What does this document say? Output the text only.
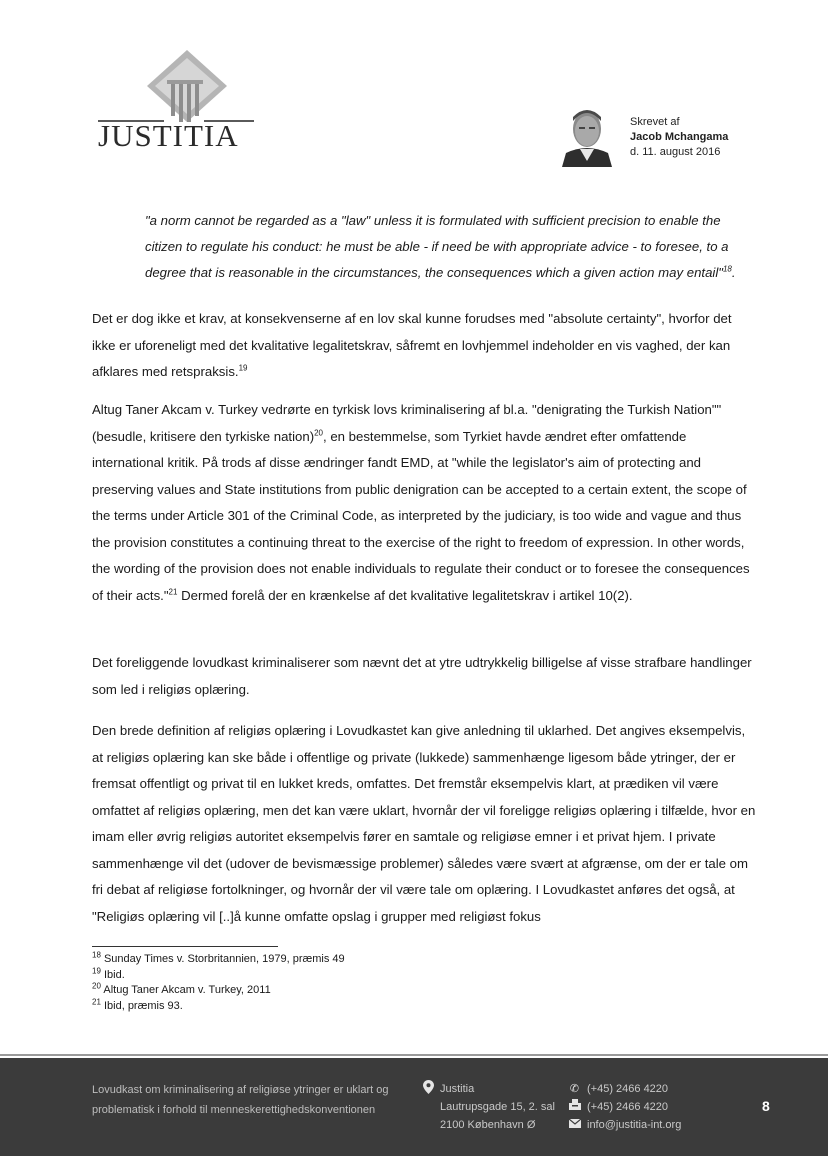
JUSTITIA	Skrevet af
Jacob Mchangama
d. 11. august 2016
"a norm cannot be regarded as a "law" unless it is formulated with sufficient precision to enable the citizen to regulate his conduct: he must be able - if need be with appropriate advice - to foresee, to a degree that is reasonable in the circumstances, the consequences which a given action may entail"$^{18}$.
Det er dog ikke et krav, at konsekvenserne af en lov skal kunne forudses med "absolute certainty", hvorfor det ikke er uforeneligt med det kvalitative legalitetskrav, såfremt en lovhjemmel indeholder en vis vaghed, der kan afklares med retspraksis.$^{19}$
Altug Taner Akcam v. Turkey vedrørte en tyrkisk lovs kriminalisering af bl.a. "denigrating the Turkish Nation"" (besudle, kritisere den tyrkiske nation)$^{20}$, en bestemmelse, som Tyrkiet havde ændret efter omfattende international kritik. På trods af disse ændringer fandt EMD, at "while the legislator's aim of protecting and preserving values and State institutions from public denigration can be accepted to a certain extent, the scope of the terms under Article 301 of the Criminal Code, as interpreted by the judiciary, is too wide and vague and thus the provision constitutes a continuing threat to the exercise of the right to freedom of expression. In other words, the wording of the provision does not enable individuals to regulate their conduct or to foresee the consequences of their acts."$^{21}$ Dermed forelå der en krænkelse af det kvalitative legalitetskrav i artikel 10(2).
Det foreliggende lovudkast kriminaliserer som nævnt det at ytre udtrykkelig billigelse af visse strafbare handlinger som led i religiøs oplæring.
Den brede definition af religiøs oplæring i Lovudkastet kan give anledning til uklarhed. Det angives eksempelvis, at religiøs oplæring kan ske både i offentlige og private (lukkede) sammenhænge ligesom både ytringer, der er fremsat offentligt og privat til en lukket kreds, omfattes. Det fremstår eksempelvis klart, at prædiken vil være omfattet af religiøs oplæring, men det kan være uklart, hvornår der vil foreligge religiøs oplæring i tilfælde, hvor en imam eller øvrig religiøs autoritet eksempelvis fører en samtale og religiøse emner i et privat hjem. I private sammenhænge vil det (udover de bevismæssige problemer) således være svært at afgrænse, om der er tale om fri debat af religiøse fortolkninger, og hvornår der vil være tale om oplæring. I Lovudkastet anføres det også, at "Religiøs oplæring vil [..]å kunne omfatte opslag i grupper med religiøst fokus
$^{18}$ Sunday Times v. Storbritannien, 1979, præmis 49
$^{19}$ Ibid.
$^{20}$ Altug Taner Akcam v. Turkey, 2011
$^{21}$ Ibid, præmis 93.
Lovudkast om kriminalisering af religiøse ytringer er uklart og
problematisk i forhold til menneskerettighedskonventionen
Justitia
Lautrupsgade 15, 2. sal
2100 København Ø
✆ (+45) 2466 4220
(+45) 2466 4220
info@justitia-int.org
8
